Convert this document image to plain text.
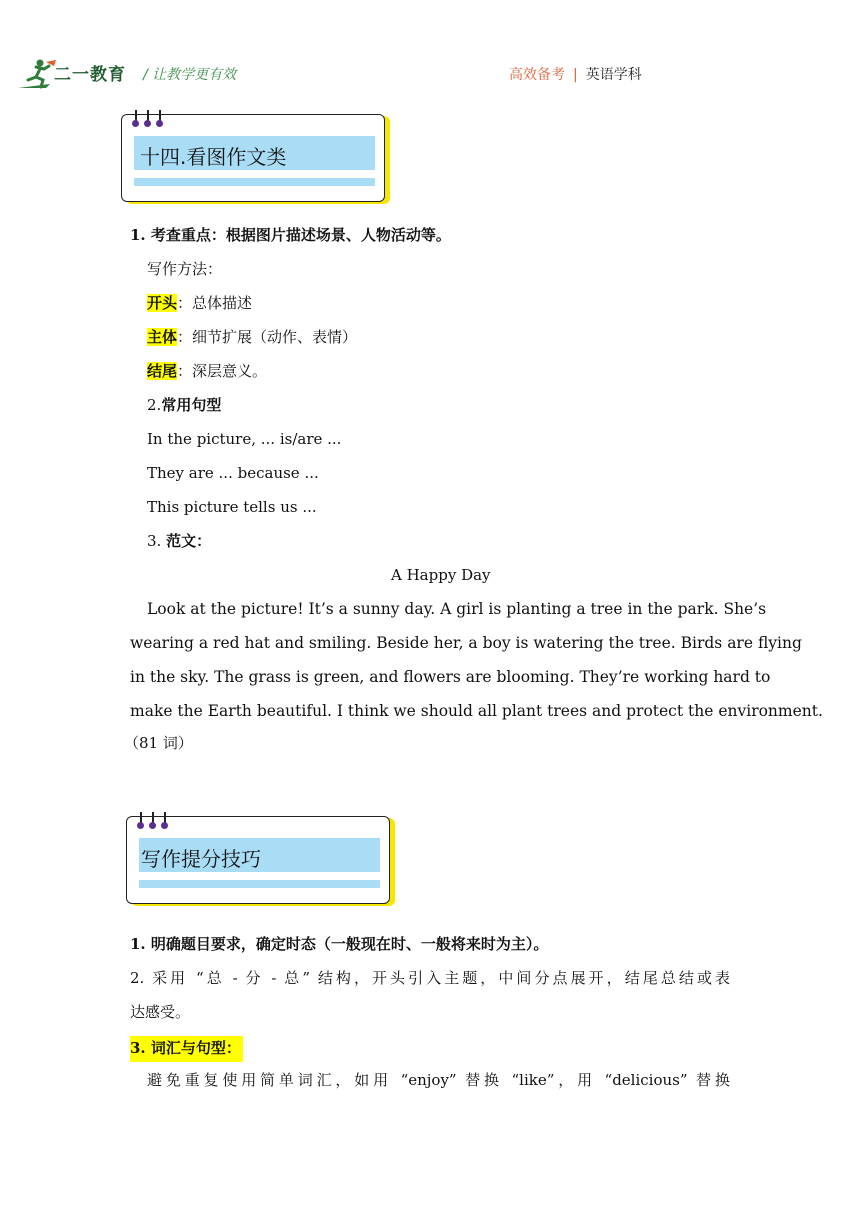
二一教育 / 让教学更有效	高效备考 | 英语学科
十四.看图作文类
1. 考查重点：根据图片描述场景、人物活动等。
写作方法：
开头：总体描述
主体：细节扩展（动作、表情）
结尾：深层意义。
2.常用句型
In the picture, ... is/are ...
They are ... because ...
This picture tells us ...
3. 范文：
A Happy Day
Look at the picture! It’s a sunny day. A girl is planting a tree in the park. She’s
wearing a red hat and smiling. Beside her, a boy is watering the tree. Birds are flying
in the sky. The grass is green, and flowers are blooming. They’re working hard to
make the Earth beautiful. I think we should all plant trees and protect the environment.
（81 词）
写作提分技巧
1. 明确题目要求，确定时态（一般现在时、一般将来时为主）。
2. 采用 “总 - 分 - 总” 结构，开头引入主题，中间分点展开，结尾总结或表
达感受。
3. 词汇与句型：
避免重复使用简单词汇，如用 “enjoy” 替换 “like”，用 “delicious” 替换
